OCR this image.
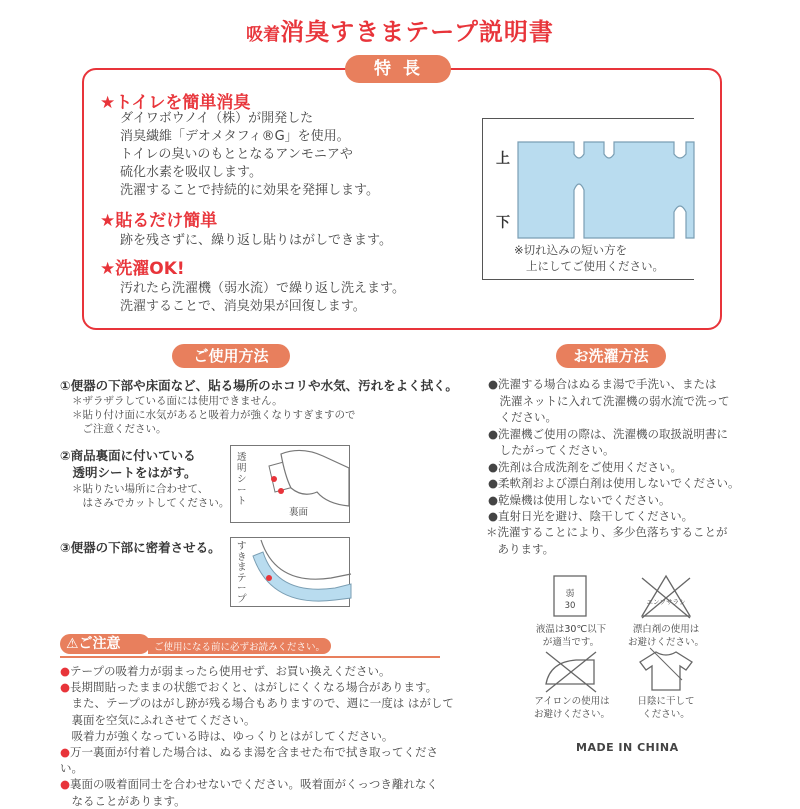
吸着消臭すきまテープ説明書
特長
★トイレを簡単消臭
ダイワボウノイ（株）が開発した
消臭繊維「デオメタフィ®G」を使用。
トイレの臭いのもととなるアンモニアや
硫化水素を吸収します。
洗濯することで持続的に効果を発揮します。
★貼るだけ簡単
跡を残さずに、繰り返し貼りはがしできます。
★洗濯OK!
汚れたら洗濯機（弱水流）で繰り返し洗えます。
洗濯することで、消臭効果が回復します。
上
下
※切れ込みの短い方を
上にしてご使用ください。
ご使用方法
①便器の下部や床面など、貼る場所のホコリや水気、汚れをよく拭く。
＊ザラザラしている面には使用できません。
＊貼り付け面に水気があると吸着力が強くなりすぎますので
　ご注意ください。
②商品裏面に付いている
　透明シートをはがす。
＊貼りたい場所に合わせて、
　はさみでカットしてください。
透明シート
裏面
③便器の下部に密着させる。 すきまテープ
⚠ご注意	ご使用になる前に必ずお読みください。
●テープの吸着力が弱まったら使用せず、お買い換えください。
●長期間貼ったままの状態でおくと、はがしにくくなる場合があります。
　また、テープのはがし跡が残る場合もありますので、週に一度は はがして
　裏面を空気にふれさせてください。
　吸着力が強くなっている時は、ゆっくりとはがしてください。
●万一裏面が付着した場合は、ぬるま湯を含ませた布で拭き取ってください。
●裏面の吸着面同士を合わせないでください。吸着面がくっつき離れなく
　なることがあります。
お洗濯方法
●洗濯する場合はぬるま湯で手洗い、または
　洗濯ネットに入れて洗濯機の弱水流で洗って
　ください。
●洗濯機ご使用の際は、洗濯機の取扱説明書に
　したがってください。
●洗剤は合成洗剤をご使用ください。
●柔軟剤および漂白剤は使用しないでください。
●乾燥機は使用しないでください。
●直射日光を避け、陰干してください。
＊洗濯することにより、多少色落ちすることが
　あります。
弱
30
液温は30℃以下
が適当です。
エンソサラシ
漂白剤の使用は
お避けください。
アイロンの使用は
お避けください。
日陰に干して
ください。
MADE IN CHINA
